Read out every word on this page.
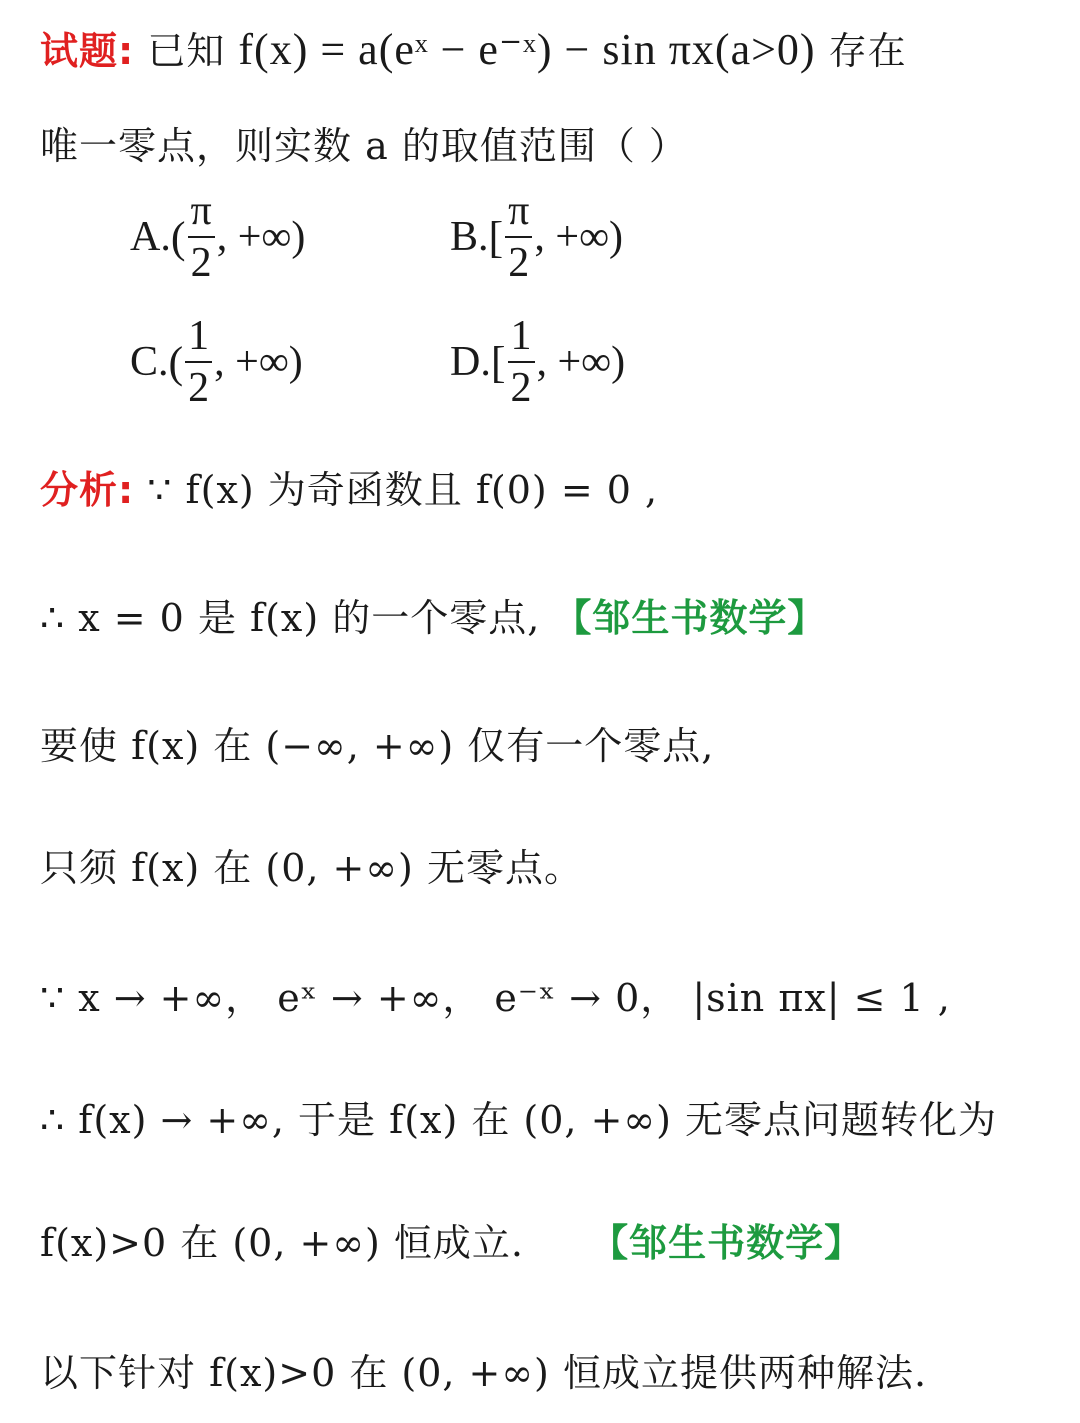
试题: 已知 f(x) = a(eˣ − e⁻ˣ) − sin πx(a>0) 存在
唯一零点，则实数 a 的取值范围（ ）
A. ( $\frac{\pi}{2}$ , +∞)	B. [ $\frac{\pi}{2}$ , +∞)
C. ( $\frac{1}{2}$ , +∞)	D. [ $\frac{1}{2}$ , +∞)
分析: ∵ f(x) 为奇函数且 f(0) = 0 ,
∴ x = 0 是 f(x) 的一个零点, 【邹生书数学】
要使 f(x) 在 (−∞, +∞) 仅有一个零点,
只须 f(x) 在 (0, +∞) 无零点。
∵ x → +∞， eˣ → +∞， e⁻ˣ → 0， |sin πx| ≤ 1 ,
∴ f(x) → +∞, 于是 f(x) 在 (0, +∞) 无零点问题转化为
f(x)>0 在 (0, +∞) 恒成立. 【邹生书数学】
以下针对 f(x)>0 在 (0, +∞) 恒成立提供两种解法.
